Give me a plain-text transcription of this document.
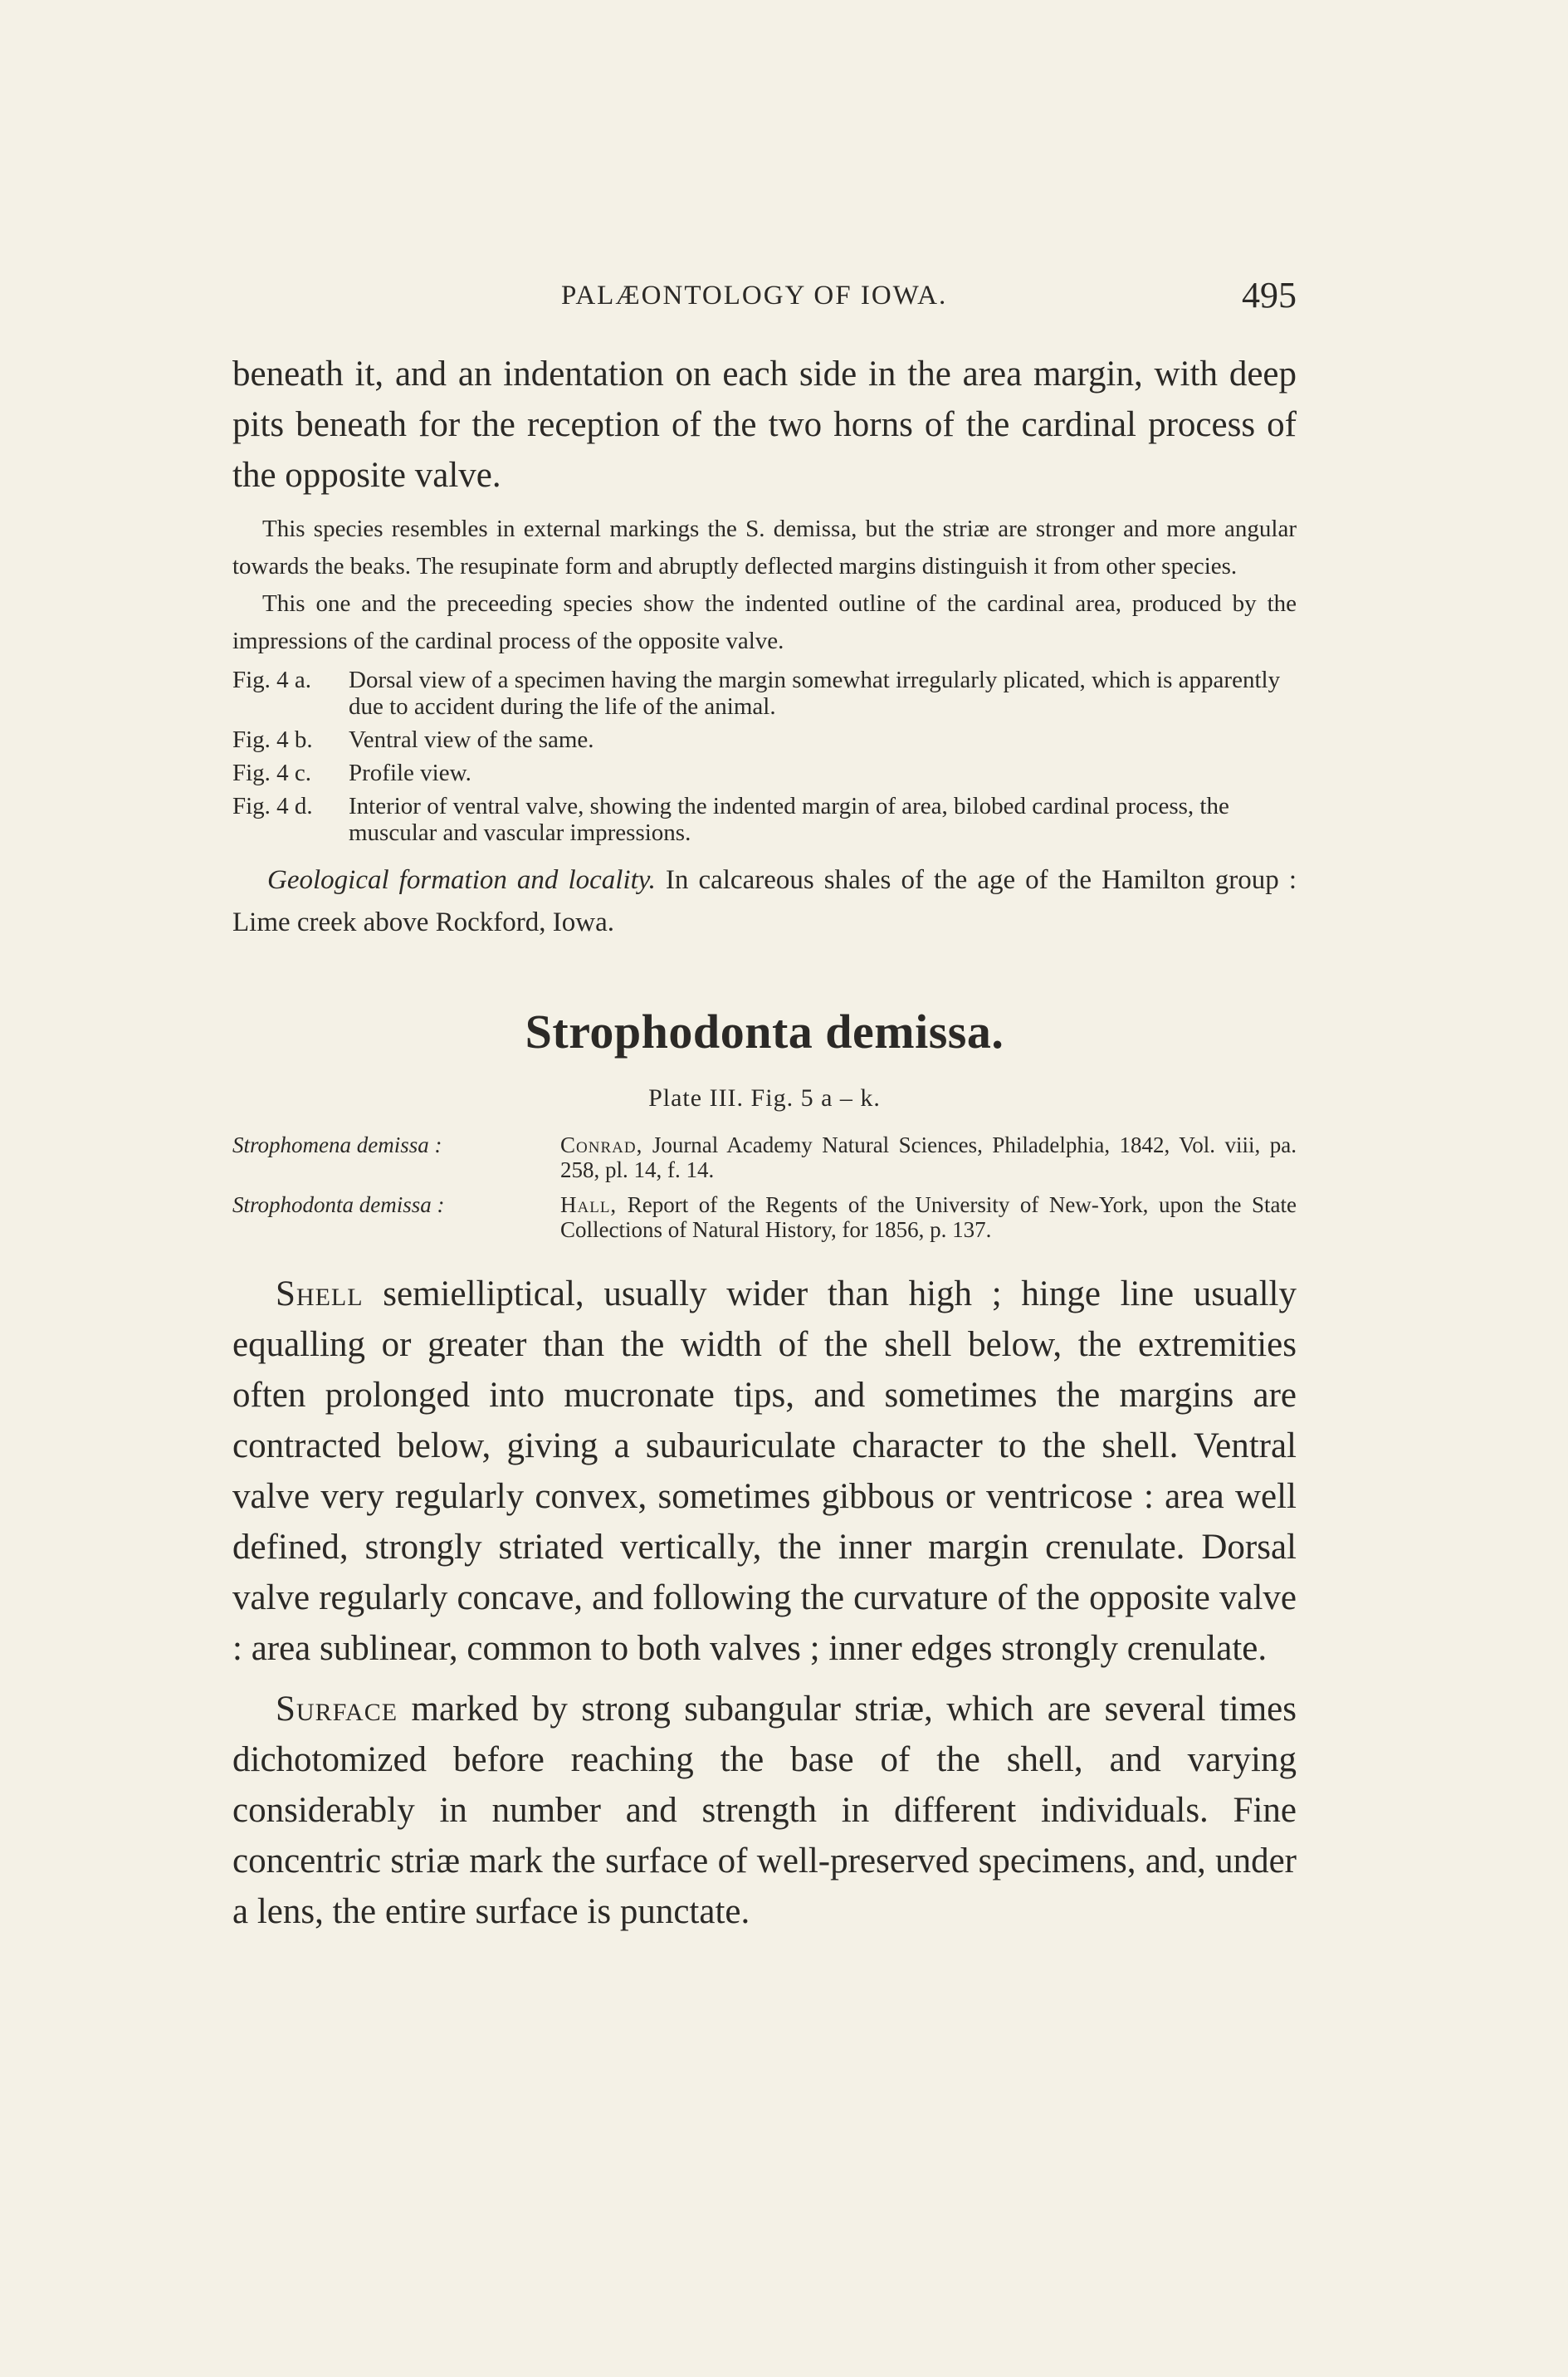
PALÆONTOLOGY OF IOWA.	495

beneath it, and an indentation on each side in the area margin, with deep pits beneath for the reception of the two horns of the cardinal process of the opposite valve.

This species resembles in external markings the S. demissa, but the striæ are stronger and more angular towards the beaks. The resupinate form and abruptly deflected margins distinguish it from other species.

This one and the preceeding species show the indented outline of the cardinal area, produced by the impressions of the cardinal process of the opposite valve.

Fig. 4 a.	Dorsal view of a specimen having the margin somewhat irregularly plicated, which is apparently due to accident during the life of the animal.
Fig. 4 b.	Ventral view of the same.
Fig. 4 c.	Profile view.
Fig. 4 d.	Interior of ventral valve, showing the indented margin of area, bilobed cardinal process, the muscular and vascular impressions.

Geological formation and locality. In calcareous shales of the age of the Hamilton group : Lime creek above Rockford, Iowa.

Strophodonta demissa.
Plate III. Fig. 5 a – k.
Strophomena demissa :	Conrad, Journal Academy Natural Sciences, Philadelphia, 1842, Vol. viii, pa. 258, pl. 14, f. 14.
Strophodonta demissa :	Hall, Report of the Regents of the University of New-York, upon the State Collections of Natural History, for 1856, p. 137.

Shell semielliptical, usually wider than high ; hinge line usually equalling or greater than the width of the shell below, the extremities often prolonged into mucronate tips, and sometimes the margins are contracted below, giving a subauriculate character to the shell. Ventral valve very regularly convex, sometimes gibbous or ventricose : area well defined, strongly striated vertically, the inner margin crenulate. Dorsal valve regularly concave, and following the curvature of the opposite valve : area sublinear, common to both valves ; inner edges strongly crenulate.

Surface marked by strong subangular striæ, which are several times dichotomized before reaching the base of the shell, and varying considerably in number and strength in different individuals. Fine concentric striæ mark the surface of well-preserved specimens, and, under a lens, the entire surface is punctate.
